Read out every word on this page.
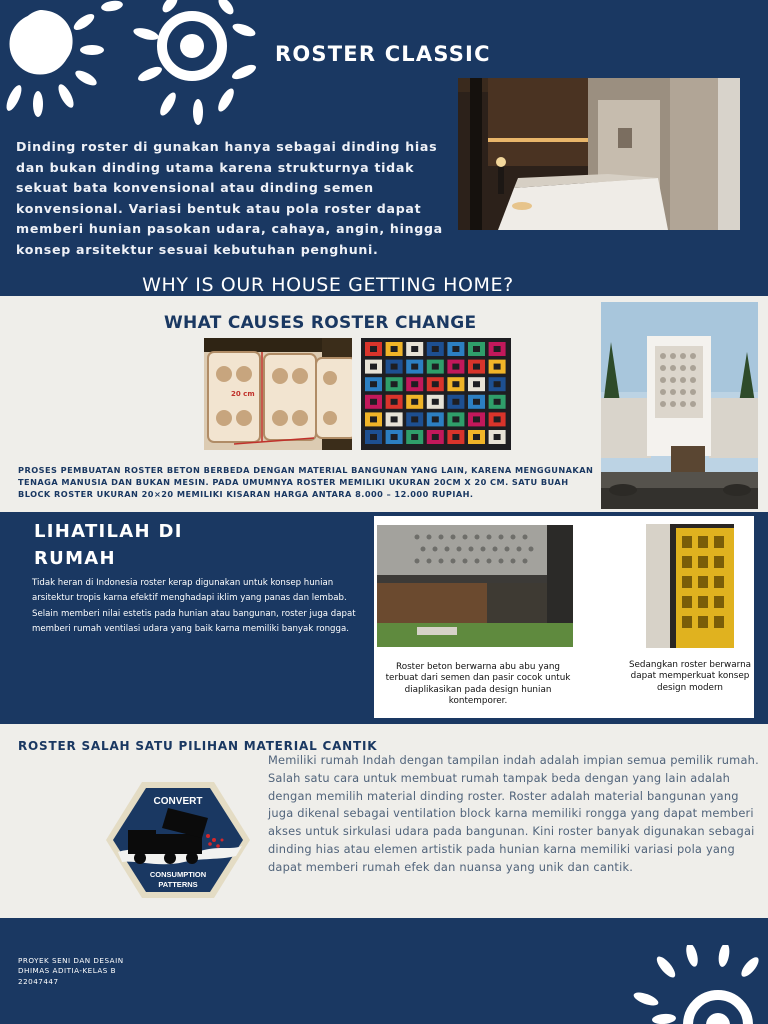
ROSTER CLASSIC
Dinding roster di gunakan hanya sebagai dinding hias dan bukan dinding utama karena strukturnya tidak sekuat bata konvensional atau dinding semen konvensional. Variasi bentuk atau pola roster dapat memberi hunian pasokan udara, cahaya, angin, hingga konsep arsitektur sesuai kebutuhan penghuni.
WHY IS OUR HOUSE GETTING HOME?
WHAT CAUSES ROSTER CHANGE
20 cm
PROSES PEMBUATAN ROSTER BETON BERBEDA DENGAN MATERIAL BANGUNAN YANG LAIN, KARENA MENGGUNAKAN TENAGA MANUSIA DAN BUKAN MESIN. PADA UMUMNYA ROSTER MEMILIKI UKURAN 20CM X 20 CM. SATU BUAH BLOCK ROSTER UKURAN 20×20 MEMILIKI KISARAN HARGA ANTARA 8.000 – 12.000 RUPIAH.
LIHATILAH DI RUMAH
Tidak heran di Indonesia roster kerap digunakan untuk konsep hunian arsitektur tropis karna efektif menghadapi iklim yang panas dan lembab. Selain memberi nilai estetis pada hunian atau bangunan, roster juga dapat memberi rumah ventilasi udara yang baik karna memiliki banyak rongga.
Roster beton berwarna abu abu yang terbuat dari semen dan pasir cocok untuk diaplikasikan pada design hunian kontemporer.
Sedangkan roster berwarna dapat memperkuat konsep design modern
ROSTER SALAH SATU PILIHAN MATERIAL CANTIK
CONVERT
CONSUMPTION
PATTERNS
Memiliki rumah Indah dengan tampilan indah adalah impian semua pemilik rumah. Salah satu cara untuk membuat rumah tampak beda dengan yang lain adalah dengan memilih material dinding roster. Roster adalah material bangunan yang juga dikenal sebagai ventilation block karna memiliki rongga yang dapat memberi akses untuk sirkulasi udara pada bangunan. Kini roster banyak digunakan sebagai dinding hias atau elemen artistik pada hunian karna memiliki variasi pola yang dapat memberi rumah efek dan nuansa yang unik dan cantik.
PROYEK SENI DAN DESAIN
DHIMAS ADITIA-KELAS B
22047447
